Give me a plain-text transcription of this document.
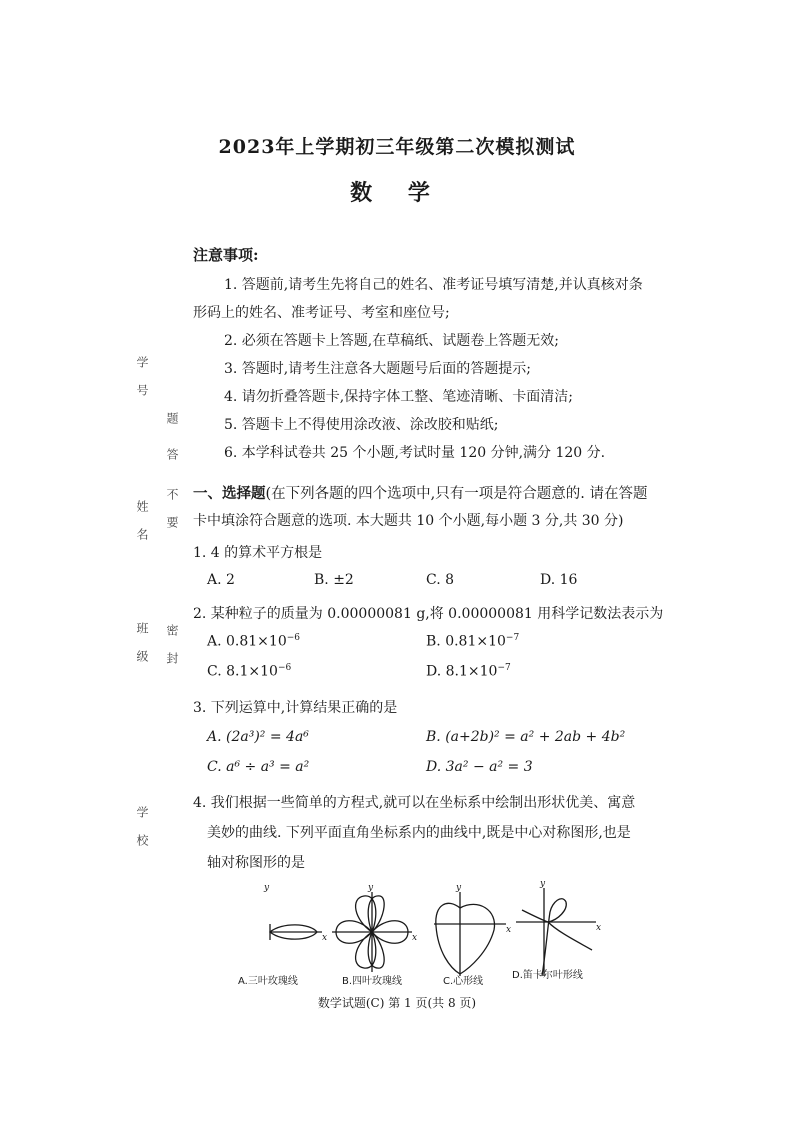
2023年上学期初三年级第二次模拟测试
数 学
学 号
题
答
姓 名 不 要
班 级 密 封
学 校
注意事项:
1. 答题前,请考生先将自己的姓名、准考证号填写清楚,并认真核对条
形码上的姓名、准考证号、考室和座位号;
2. 必须在答题卡上答题,在草稿纸、试题卷上答题无效;
3. 答题时,请考生注意各大题题号后面的答题提示;
4. 请勿折叠答题卡,保持字体工整、笔迹清晰、卡面清洁;
5. 答题卡上不得使用涂改液、涂改胶和贴纸;
6. 本学科试卷共 25 个小题,考试时量 120 分钟,满分 120 分.
一、选择题(在下列各题的四个选项中,只有一项是符合题意的. 请在答题
卡中填涂符合题意的选项. 本大题共 10 个小题,每小题 3 分,共 30 分)
1. 4 的算术平方根是
A. 2	B. ±2	C. 8	D. 16
2. 某种粒子的质量为 0.00000081 g,将 0.00000081 用科学记数法表示为
A. $0.81\times 10^{-6}$	B. $0.81\times 10^{-7}$
C. $8.1\times 10^{-6}$	D. $8.1\times 10^{-7}$
3. 下列运算中,计算结果正确的是
A. (2a³)² = 4a⁶	B. (a+2b)² = a² + 2ab + 4b²
C. a⁶ ÷ a³ = a²	D. 3a² − a² = 3
4. 我们根据一些简单的方程式,就可以在坐标系中绘制出形状优美、寓意
美妙的曲线. 下列平面直角坐标系内的曲线中,既是中心对称图形,也是
轴对称图形的是
x
y
x
y
x
y
x
y
A.三叶玫瑰线	B.四叶玫瑰线	C.心形线
D.笛卡尔叶形线
数学试题(C) 第 1 页(共 8 页)
